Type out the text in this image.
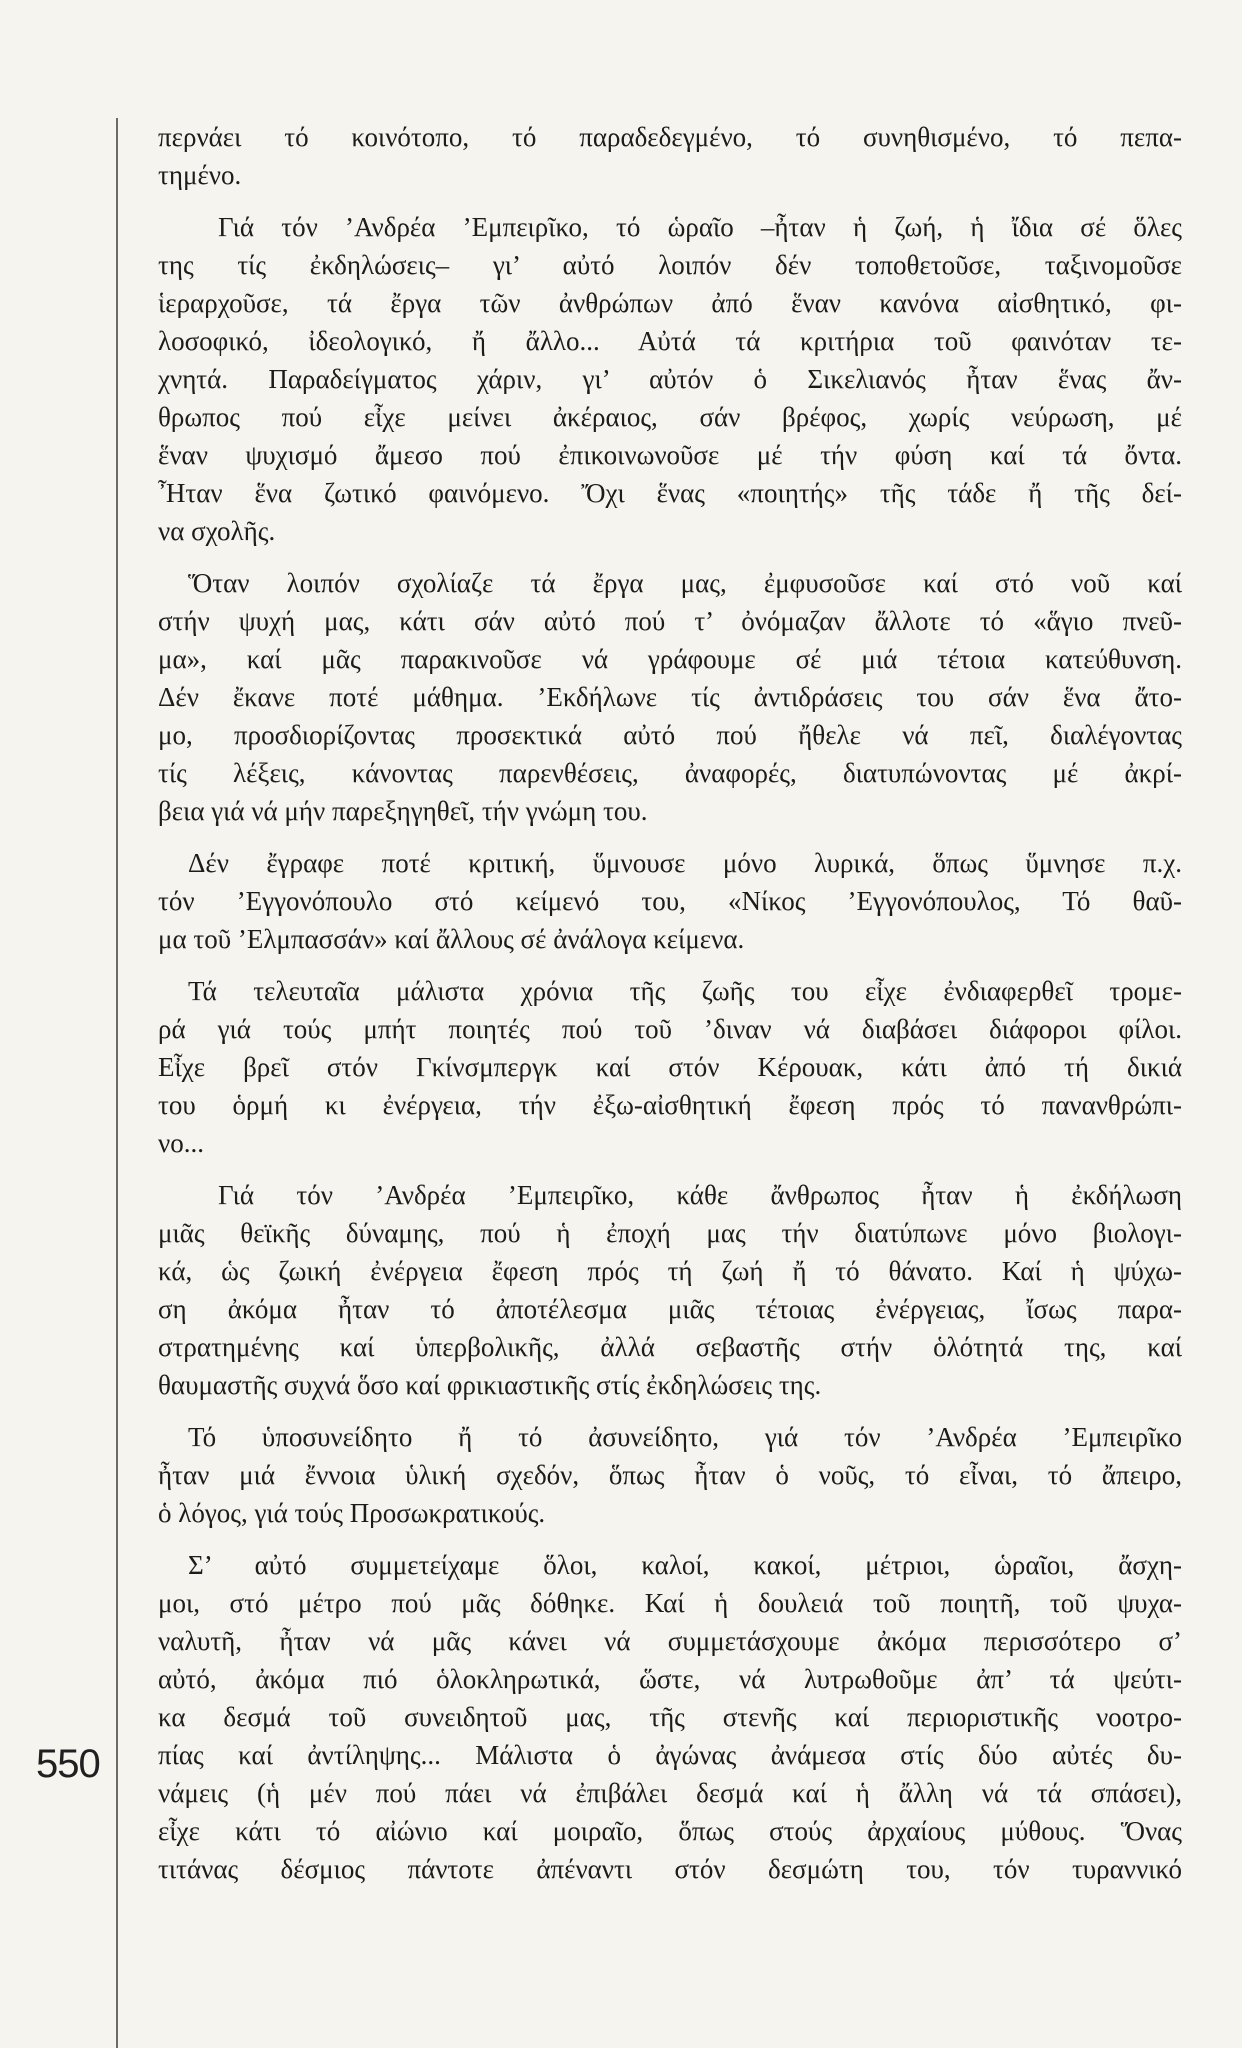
550
περνάει τό κοινότοπο, τό παραδεδεγμένο, τό συνηθισμένο, τό πεπα-
τημένο.
Γιά τόν ’Ανδρέα ’Εμπειρῖκο, τό ὡραῖο –ἦταν ἡ ζωή, ἡ ἴδια σέ ὅλες
της τίς ἐκδηλώσεις– γι’ αὐτό λοιπόν δέν τοποθετοῦσε, ταξινομοῦσε
ἱεραρχοῦσε, τά ἔργα τῶν ἀνθρώπων ἀπό ἕναν κανόνα αἰσθητικό, φι-
λοσοφικό, ἰδεολογικό, ἤ ἄλλο... Αὐτά τά κριτήρια τοῦ φαινόταν τε-
χνητά. Παραδείγματος χάριν, γι’ αὐτόν ὁ Σικελιανός ἦταν ἕνας ἄν-
θρωπος πού εἶχε μείνει ἀκέραιος, σάν βρέφος, χωρίς νεύρωση, μέ
ἕναν ψυχισμό ἄμεσο πού ἐπικοινωνοῦσε μέ τήν φύση καί τά ὄντα.
Ἦταν ἕνα ζωτικό φαινόμενο. Ὄχι ἕνας «ποιητής» τῆς τάδε ἤ τῆς δεί-
να σχολῆς.
Ὅταν λοιπόν σχολίαζε τά ἔργα μας, ἐμφυσοῦσε καί στό νοῦ καί
στήν ψυχή μας, κάτι σάν αὐτό πού τ’ ὀνόμαζαν ἄλλοτε τό «ἅγιο πνεῦ-
μα», καί μᾶς παρακινοῦσε νά γράφουμε σέ μιά τέτοια κατεύθυνση.
Δέν ἔκανε ποτέ μάθημα. ’Εκδήλωνε τίς ἀντιδράσεις του σάν ἕνα ἄτο-
μο, προσδιορίζοντας προσεκτικά αὐτό πού ἤθελε νά πεῖ, διαλέγοντας
τίς λέξεις, κάνοντας παρενθέσεις, ἀναφορές, διατυπώνοντας μέ ἀκρί-
βεια γιά νά μήν παρεξηγηθεῖ, τήν γνώμη του.
Δέν ἔγραφε ποτέ κριτική, ὕμνουσε μόνο λυρικά, ὅπως ὕμνησε π.χ.
τόν ’Εγγονόπουλο στό κείμενό του, «Νίκος ’Εγγονόπουλος, Τό θαῦ-
μα τοῦ ’Ελμπασσάν» καί ἄλλους σέ ἀνάλογα κείμενα.
Τά τελευταῖα μάλιστα χρόνια τῆς ζωῆς του εἶχε ἐνδιαφερθεῖ τρομε-
ρά γιά τούς μπήτ ποιητές πού τοῦ ’διναν νά διαβάσει διάφοροι φίλοι.
Εἶχε βρεῖ στόν Γκίνσμπεργκ καί στόν Κέρουακ, κάτι ἀπό τή δικιά
του ὁρμή κι ἐνέργεια, τήν ἐξω-αἰσθητική ἔφεση πρός τό πανανθρώπι-
νο...
Γιά τόν ’Ανδρέα ’Εμπειρῖκο, κάθε ἄνθρωπος ἦταν ἡ ἐκδήλωση
μιᾶς θεϊκῆς δύναμης, πού ἡ ἐποχή μας τήν διατύπωνε μόνο βιολογι-
κά, ὡς ζωική ἐνέργεια ἔφεση πρός τή ζωή ἤ τό θάνατο. Καί ἡ ψύχω-
ση ἀκόμα ἦταν τό ἀποτέλεσμα μιᾶς τέτοιας ἐνέργειας, ἴσως παρα-
στρατημένης καί ὑπερβολικῆς, ἀλλά σεβαστῆς στήν ὁλότητά της, καί
θαυμαστῆς συχνά ὅσο καί φρικιαστικῆς στίς ἐκδηλώσεις της.
Τό ὑποσυνείδητο ἤ τό ἀσυνείδητο, γιά τόν ’Ανδρέα ’Εμπειρῖκο
ἦταν μιά ἔννοια ὑλική σχεδόν, ὅπως ἦταν ὁ νοῦς, τό εἶναι, τό ἄπειρο,
ὁ λόγος, γιά τούς Προσωκρατικούς.
Σ’ αὐτό συμμετείχαμε ὅλοι, καλοί, κακοί, μέτριοι, ὡραῖοι, ἄσχη-
μοι, στό μέτρο πού μᾶς δόθηκε. Καί ἡ δουλειά τοῦ ποιητῆ, τοῦ ψυχα-
ναλυτῆ, ἦταν νά μᾶς κάνει νά συμμετάσχουμε ἀκόμα περισσότερο σ’
αὐτό, ἀκόμα πιό ὁλοκληρωτικά, ὥστε, νά λυτρωθοῦμε ἀπ’ τά ψεύτι-
κα δεσμά τοῦ συνειδητοῦ μας, τῆς στενῆς καί περιοριστικῆς νοοτρο-
πίας καί ἀντίληψης... Μάλιστα ὁ ἀγώνας ἀνάμεσα στίς δύο αὐτές δυ-
νάμεις (ἡ μέν πού πάει νά ἐπιβάλει δεσμά καί ἡ ἄλλη νά τά σπάσει),
εἶχε κάτι τό αἰώνιο καί μοιραῖο, ὅπως στούς ἀρχαίους μύθους. Ὅνας
τιτάνας δέσμιος πάντοτε ἀπέναντι στόν δεσμώτη του, τόν τυραννικό
